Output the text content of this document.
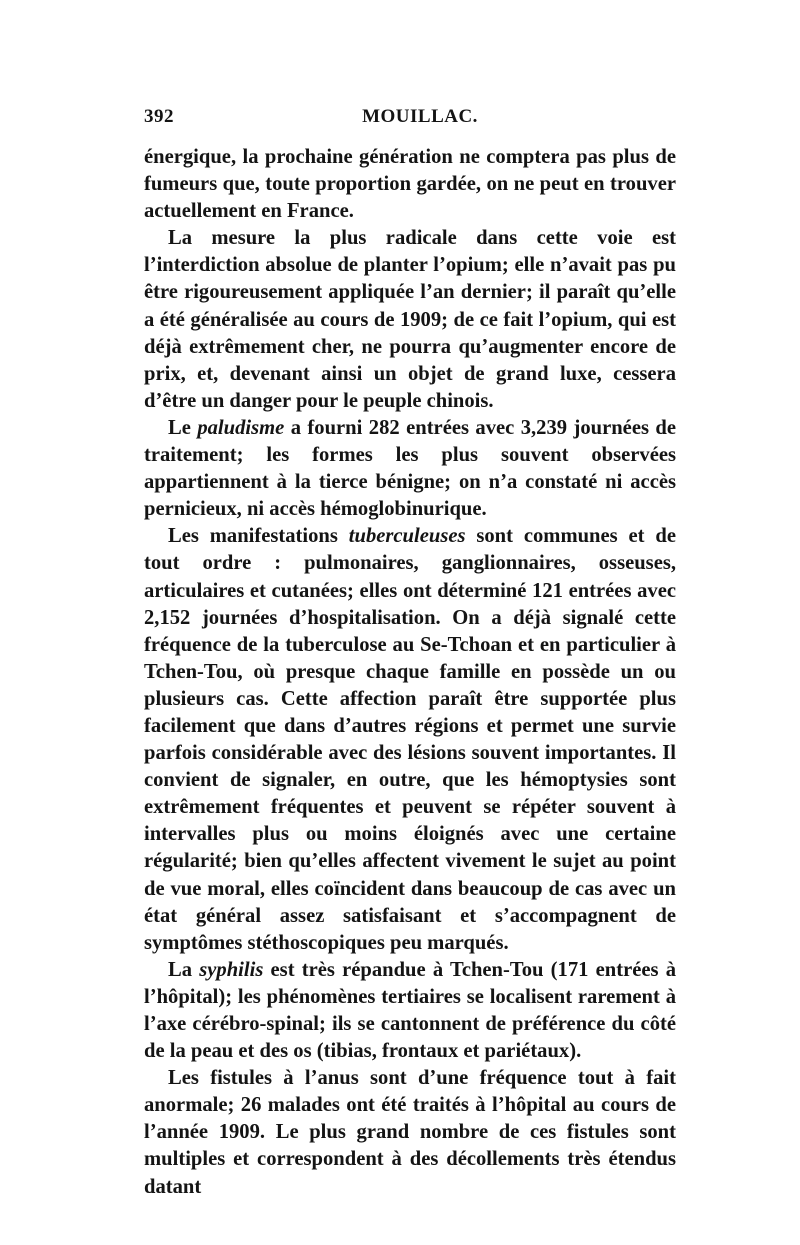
392	MOUILLAC.

énergique, la prochaine génération ne comptera pas plus de fumeurs que, toute proportion gardée, on ne peut en trouver actuellement en France.

La mesure la plus radicale dans cette voie est l’interdiction absolue de planter l’opium; elle n’avait pas pu être rigoureusement appliquée l’an dernier; il paraît qu’elle a été généralisée au cours de 1909; de ce fait l’opium, qui est déjà extrêmement cher, ne pourra qu’augmenter encore de prix, et, devenant ainsi un objet de grand luxe, cessera d’être un danger pour le peuple chinois.

Le paludisme a fourni 282 entrées avec 3,239 journées de traitement; les formes les plus souvent observées appartiennent à la tierce bénigne; on n’a constaté ni accès pernicieux, ni accès hémoglobinurique.

Les manifestations tuberculeuses sont communes et de tout ordre : pulmonaires, ganglionnaires, osseuses, articulaires et cutanées; elles ont déterminé 121 entrées avec 2,152 journées d’hospitalisation. On a déjà signalé cette fréquence de la tuberculose au Se-Tchoan et en particulier à Tchen-Tou, où presque chaque famille en possède un ou plusieurs cas. Cette affection paraît être supportée plus facilement que dans d’autres régions et permet une survie parfois considérable avec des lésions souvent importantes. Il convient de signaler, en outre, que les hémoptysies sont extrêmement fréquentes et peuvent se répéter souvent à intervalles plus ou moins éloignés avec une certaine régularité; bien qu’elles affectent vivement le sujet au point de vue moral, elles coïncident dans beaucoup de cas avec un état général assez satisfaisant et s’accompagnent de symptômes stéthoscopiques peu marqués.

La syphilis est très répandue à Tchen-Tou (171 entrées à l’hôpital); les phénomènes tertiaires se localisent rarement à l’axe cérébro-spinal; ils se cantonnent de préférence du côté de la peau et des os (tibias, frontaux et pariétaux).

Les fistules à l’anus sont d’une fréquence tout à fait anormale; 26 malades ont été traités à l’hôpital au cours de l’année 1909. Le plus grand nombre de ces fistules sont multiples et correspondent à des décollements très étendus datant
